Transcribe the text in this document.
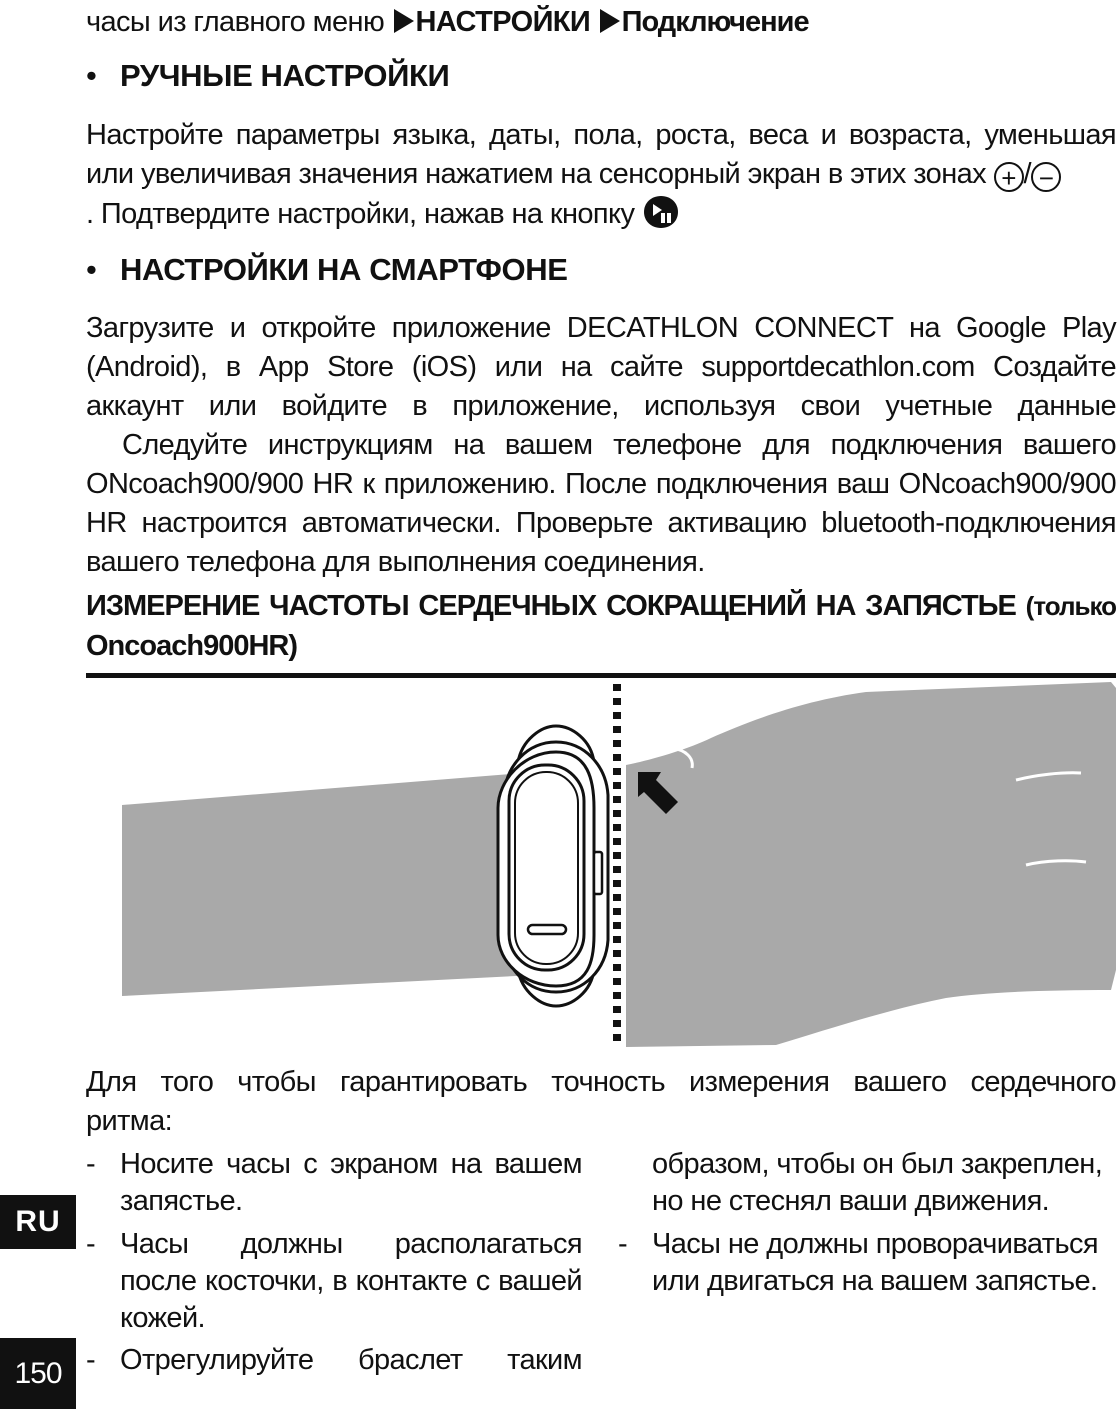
часы из главного меню НАСТРОЙКИ Подключение
• РУЧНЫЕ НАСТРОЙКИ
Настройте параметры языка, даты, пола, роста, веса и возраста, уменьшая
или увеличивая значения нажатием на сенсорный экран в этих зонах + / −
. Подтвердите настройки, нажав на кнопку
• НАСТРОЙКИ НА СМАРТФОНЕ
Загрузите и откройте приложение DECATHLON CONNECT на Google Play
(Android), в App Store (iOS) или на сайте supportdecathlon.com Создайте
аккаунт или войдите в приложение, используя свои учетные данные
Следуйте инструкциям на вашем телефоне для подключения вашего
ONcoach900/900 HR к приложению. После подключения ваш ONcoach900/900
HR настроится автоматически. Проверьте активацию bluetooth-подключения
вашего телефона для выполнения соединения.
ИЗМЕРЕНИЕ ЧАСТОТЫ СЕРДЕЧНЫХ СОКРАЩЕНИЙ НА ЗАПЯСТЬЕ (только
Oncoach900HR)
Для того чтобы гарантировать точность измерения вашего сердечного
ритма:
- Носите часы с экраном на вашем
запястье.
- Часы должны располагаться
после косточки, в контакте с вашей
кожей.
- Отрегулируйте браслет таким
образом, чтобы он был закреплен,
но не стеснял ваши движения.
- Часы не должны проворачиваться
или двигаться на вашем запястье.
RU
150
